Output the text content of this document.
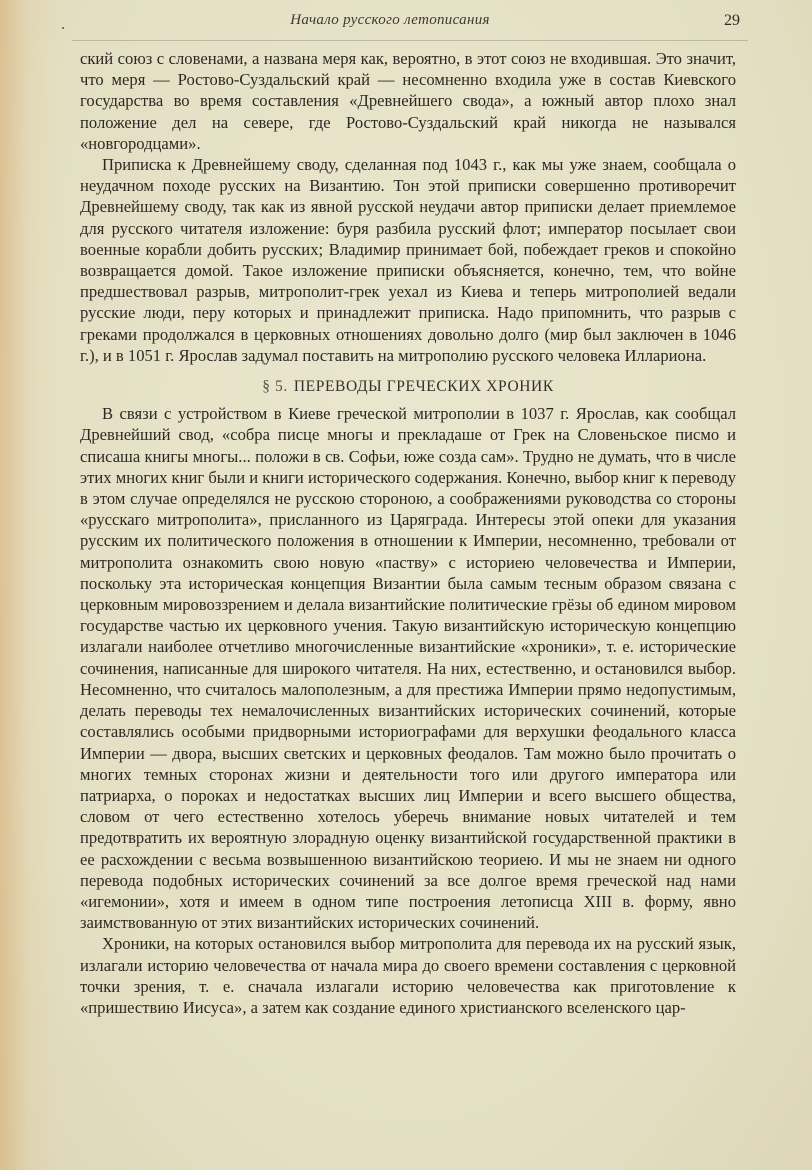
Начало русского летописания	29

ский союз с словенами, а названа меря как, вероятно, в этот союз не входившая. Это значит, что меря — Ростово-Суздальский край — несомненно входила уже в состав Киевского государства во время составления «Древнейшего свода», а южный автор плохо знал положение дел на севере, где Ростово-Суздальский край никогда не назывался «новгородцами».

Приписка к Древнейшему своду, сделанная под 1043 г., как мы уже знаем, сообщала о неудачном походе русских на Византию. Тон этой приписки совершенно противоречит Древнейшему своду, так как из явной русской неудачи автор приписки делает приемлемое для русского читателя изложение: буря разбила русский флот; император посылает свои военные корабли добить русских; Владимир принимает бой, побеждает греков и спокойно возвращается домой. Такое изложение приписки объясняется, конечно, тем, что войне предшествовал разрыв, митрополит-грек уехал из Киева и теперь митрополией ведали русские люди, перу которых и принадлежит приписка. Надо припомнить, что разрыв с греками продолжался в церковных отношениях довольно долго (мир был заключен в 1046 г.), и в 1051 г. Ярослав задумал поставить на митрополию русского человека Иллариона.

§ 5. ПЕРЕВОДЫ ГРЕЧЕСКИХ ХРОНИК

В связи с устройством в Киеве греческой митрополии в 1037 г. Ярослав, как сообщал Древнейший свод, «собра писце многы и прекладаше от Грек на Словеньское писмо и списаша книгы многы... положи в св. Софьи, юже созда сам». Трудно не думать, что в числе этих многих книг были и книги исторического содержания. Конечно, выбор книг к переводу в этом случае определялся не русскою стороною, а соображениями руководства со стороны «русскаго митрополита», присланного из Царяграда. Интересы этой опеки для указания русским их политического положения в отношении к Империи, несомненно, требовали от митрополита ознакомить свою новую «паству» с историею человечества и Империи, поскольку эта историческая концепция Византии была самым тесным образом связана с церковным мировоззрением и делала византийские политические грёзы об едином мировом государстве частью их церковного учения. Такую византийскую историческую концепцию излагали наиболее отчетливо многочисленные византийские «хроники», т. е. исторические сочинения, написанные для широкого читателя. На них, естественно, и остановился выбор. Несомненно, что считалось малополезным, а для престижа Империи прямо недопустимым, делать переводы тех немалочисленных византийских исторических сочинений, которые составлялись особыми придворными историографами для верхушки феодального класса Империи — двора, высших светских и церковных феодалов. Там можно было прочитать о многих темных сторонах жизни и деятельности того или другого императора или патриарха, о пороках и недостатках высших лиц Империи и всего высшего общества, словом от чего естественно хотелось уберечь внимание новых читателей и тем предотвратить их вероятную злорадную оценку византийской государственной практики в ее расхождении с весьма возвышенною византийскою теориею. И мы не знаем ни одного перевода подобных исторических сочинений за все долгое время греческой над нами «игемонии», хотя и имеем в одном типе построения летописца XIII в. форму, явно заимствованную от этих византийских исторических сочинений.

Хроники, на которых остановился выбор митрополита для перевода их на русский язык, излагали историю человечества от начала мира до своего времени составления с церковной точки зрения, т. е. сначала излагали историю человечества как приготовление к «пришествию Иисуса», а затем как создание единого христианского вселенского цар-
